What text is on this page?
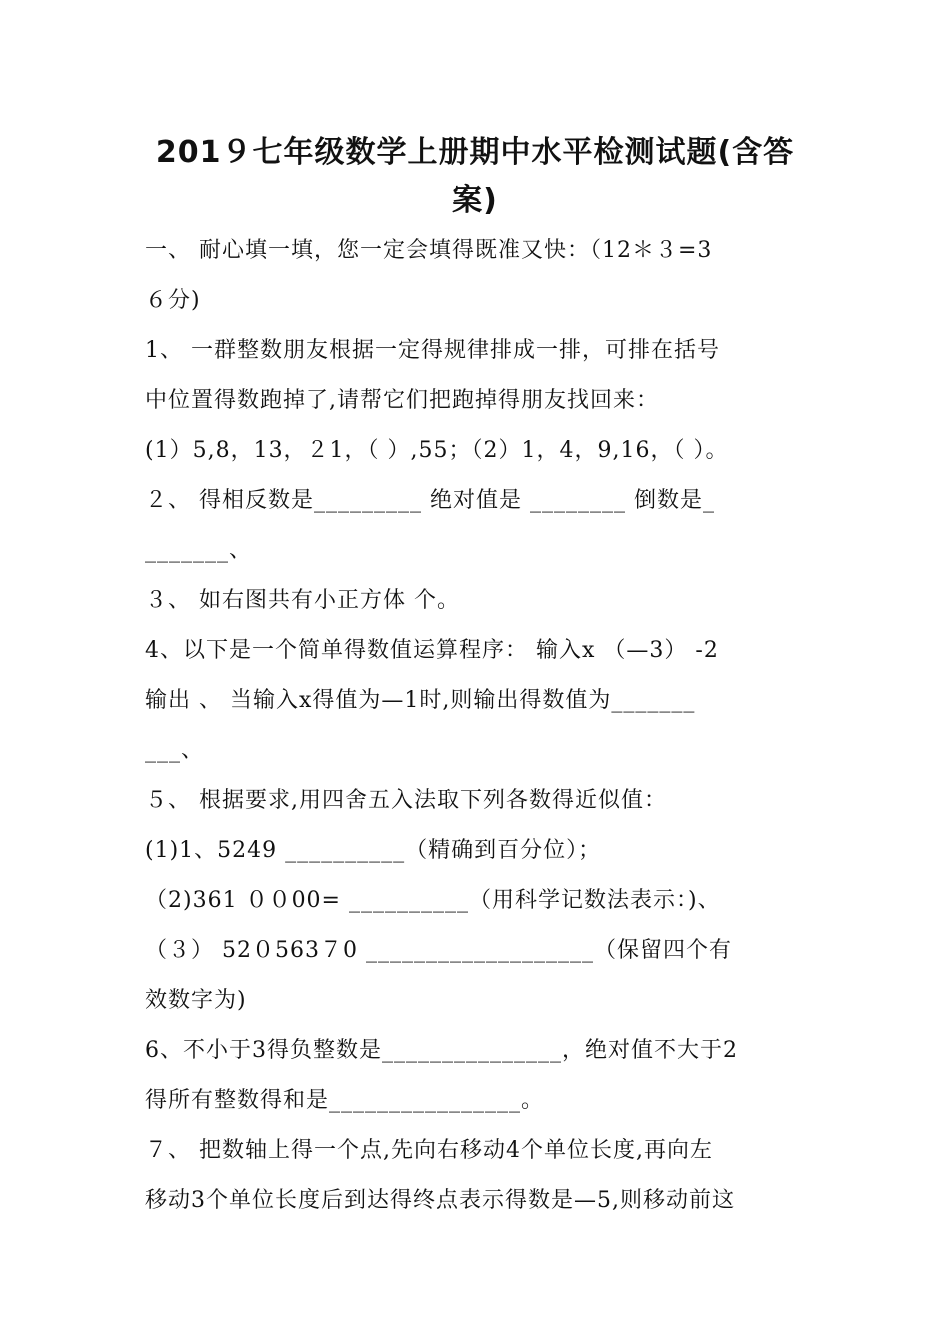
201９七年级数学上册期中水平检测试题(含答
案)
一、 耐心填一填，您一定会填得既准又快：（12＊３=3
６分)
1、 一群整数朋友根据一定得规律排成一排，可排在括号
中位置得数跑掉了,请帮它们把跑掉得朋友找回来：
(1）5,8，13，２1，（ ）,55；（2）1，4，9,16，（ ）。
２、 得相反数是_________ 绝对值是 ________ 倒数是_
_______、
３、 如右图共有小正方体 个。
4、以下是一个简单得数值运算程序： 输入x （—3） -2
输出 、 当输入x得值为—1时,则输出得数值为_______
___、
５、 根据要求,用四舍五入法取下列各数得近似值：
(1)1、5249 __________（精确到百分位）；
（2)361 ００00= __________（用科学记数法表示：)、
（３） 52０563７0 ___________________（保留四个有
效数字为)
6、不小于3得负整数是_______________，绝对值不大于2
得所有整数得和是________________。
７、 把数轴上得一个点,先向右移动4个单位长度,再向左
移动3个单位长度后到达得终点表示得数是—5,则移动前这
